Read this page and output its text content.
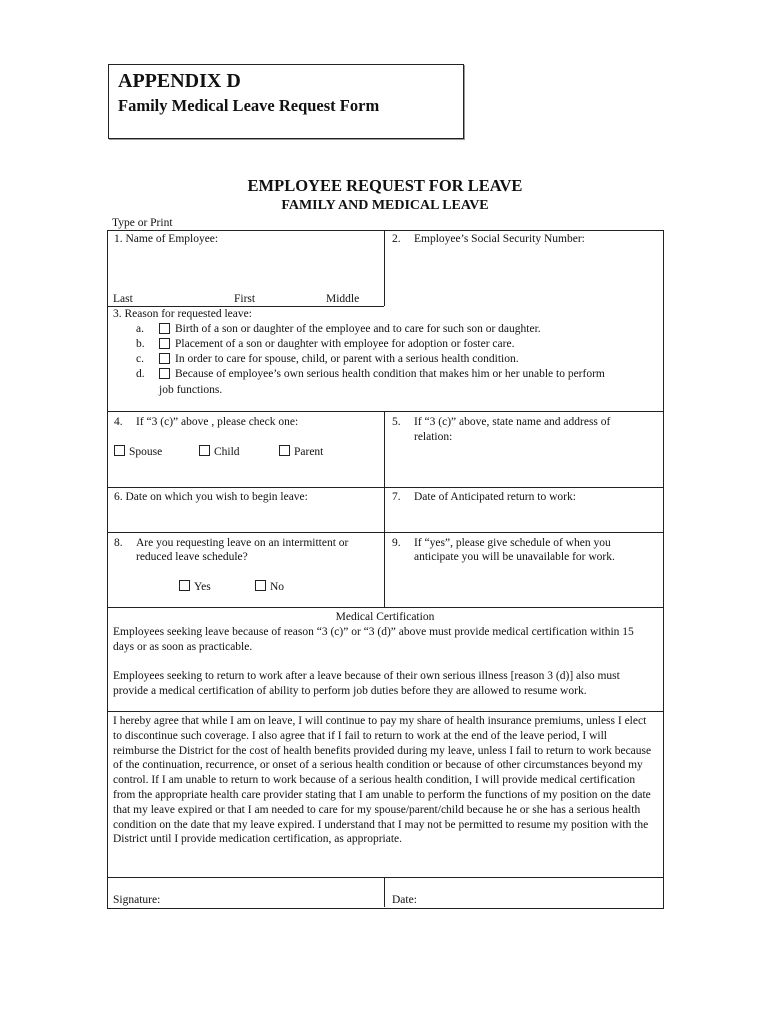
APPENDIX D
Family Medical Leave Request Form
EMPLOYEE REQUEST FOR LEAVE
FAMILY AND MEDICAL LEAVE
Type or Print
1. Name of Employee:
Last	First	Middle
2. Employee’s Social Security Number:
3. Reason for requested leave:
a.	Birth of a son or daughter of the employee and to care for such son or daughter.
b.	Placement of a son or daughter with employee for adoption or foster care.
c.	In order to care for spouse, child, or parent with a serious health condition.
d.	Because of employee’s own serious health condition that makes him or her unable to perform
job functions.
4. If “3 (c)” above , please check one:
Spouse	Child	Parent
5. If “3 (c)” above, state name and address of
relation:
6. Date on which you wish to begin leave:	7. Date of Anticipated return to work:
8. Are you requesting leave on an intermittent or
reduced leave schedule?
Yes	No
9. If “yes”, please give schedule of when you
anticipate you will be unavailable for work.
Medical Certification
Employees seeking leave because of reason “3 (c)” or “3 (d)” above must provide medical certification within 15 days or as soon as practicable.
Employees seeking to return to work after a leave because of their own serious illness [reason 3 (d)] also must provide a medical certification of ability to perform job duties before they are allowed to resume work.
I hereby agree that while I am on leave, I will continue to pay my share of health insurance premiums, unless I elect to discontinue such coverage. I also agree that if I fail to return to work at the end of the leave period, I will reimburse the District for the cost of health benefits provided during my leave, unless I fail to return to work because of the continuation, recurrence, or onset of a serious health condition or because of other circumstances beyond my control. If I am unable to return to work because of a serious health condition, I will provide medical certification from the appropriate health care provider stating that I am unable to perform the functions of my position on the date that my leave expired or that I am needed to care for my spouse/parent/child because he or she has a serious health condition on the date that my leave expired. I understand that I may not be permitted to resume my position with the District until I provide medication certification, as appropriate.
Signature:	Date:
